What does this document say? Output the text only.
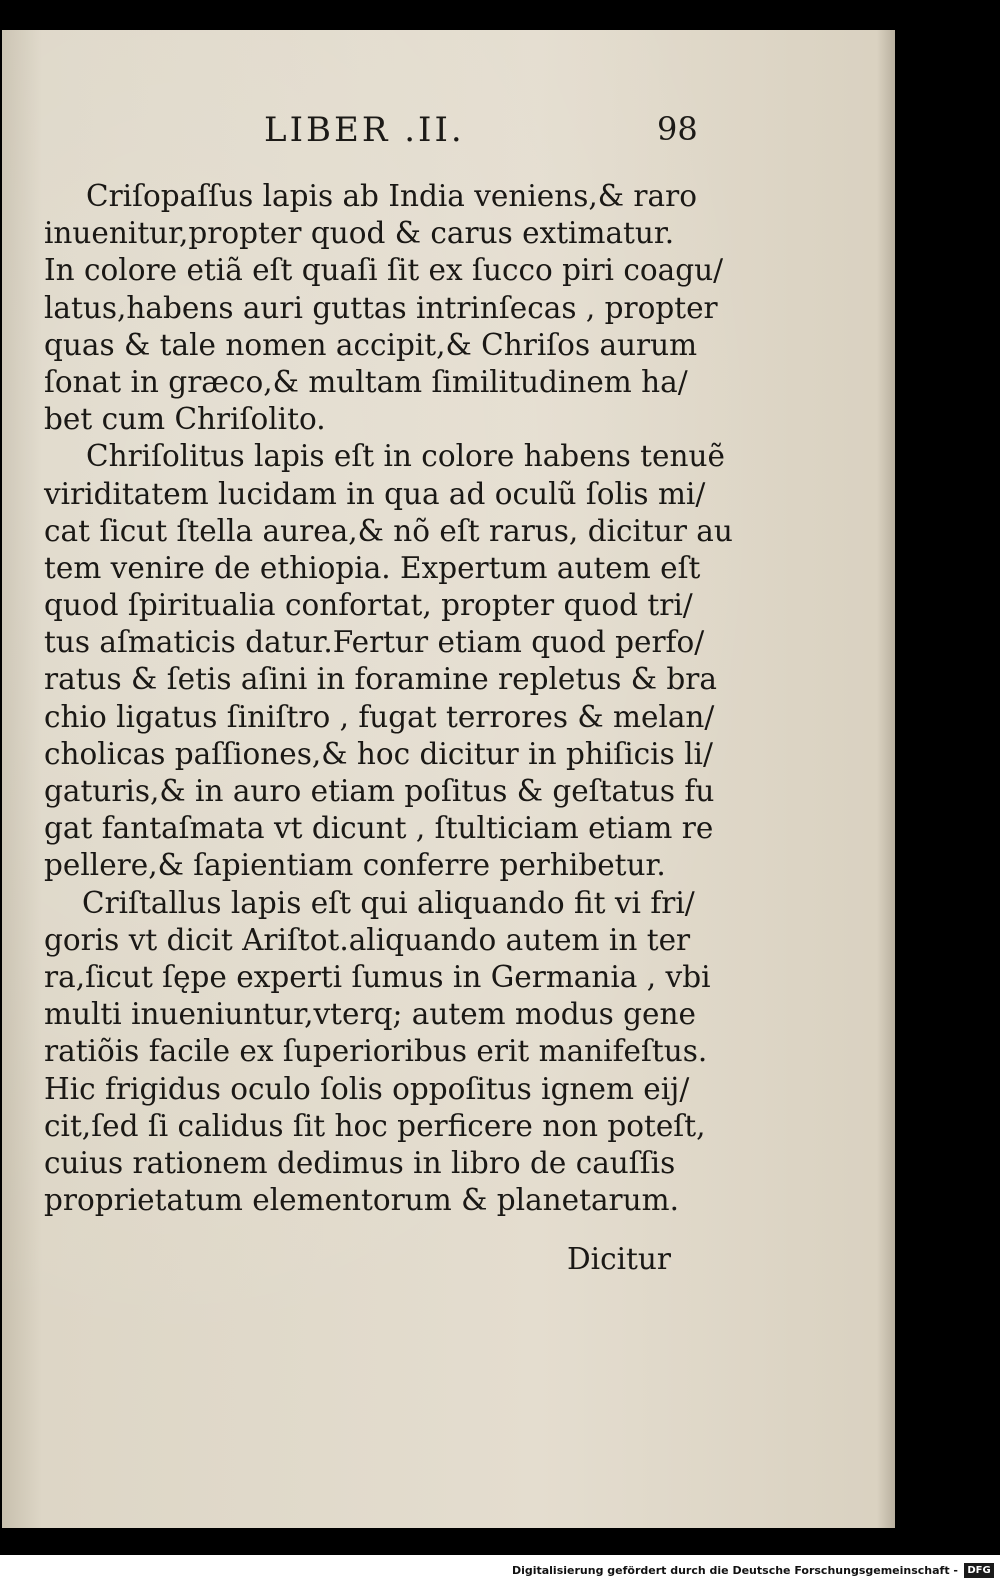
LIBER .II.	98
Criſopaſſus lapis ab India veniens,& raro
inuenitur,propter quod & carus extimatur.
In colore etiã eſt quaſi ſit ex ſucco piri coagu/
latus,habens auri guttas intrinſecas , propter
quas & tale nomen accipit,& Chriſos aurum
ſonat in græco,& multam ſimilitudinem ha/
bet cum Chriſolito.
Chriſolitus lapis eſt in colore habens tenuẽ
viriditatem lucidam in qua ad oculũ ſolis mi/
cat ſicut ſtella aurea,& nõ eſt rarus, dicitur au
tem venire de ethiopia. Expertum autem eſt
quod ſpiritualia confortat, propter quod tri/
tus aſmaticis datur.Fertur etiam quod perfo/
ratus & ſetis aſini in foramine repletus & bra
chio ligatus ſiniſtro , fugat terrores & melan/
cholicas paſſiones,& hoc dicitur in phiſicis li/
gaturis,& in auro etiam poſitus & geſtatus fu
gat fantaſmata vt dicunt , ſtulticiam etiam re
pellere,& ſapientiam conferre perhibetur.
Criſtallus lapis eſt qui aliquando fit vi fri/
goris vt dicit Ariſtot.aliquando autem in ter
ra,ſicut ſępe experti ſumus in Germania , vbi
multi inueniuntur,vterq; autem modus gene
ratiõis facile ex ſuperioribus erit manifeſtus.
Hic frigidus oculo ſolis oppoſitus ignem eij/
cit,ſed ſi calidus ſit hoc perficere non poteſt,
cuius rationem dedimus in libro de cauſſis
proprietatum elementorum & planetarum.
Dicitur
Digitalisierung gefördert durch die Deutsche Forschungsgemeinschaft - DFG
